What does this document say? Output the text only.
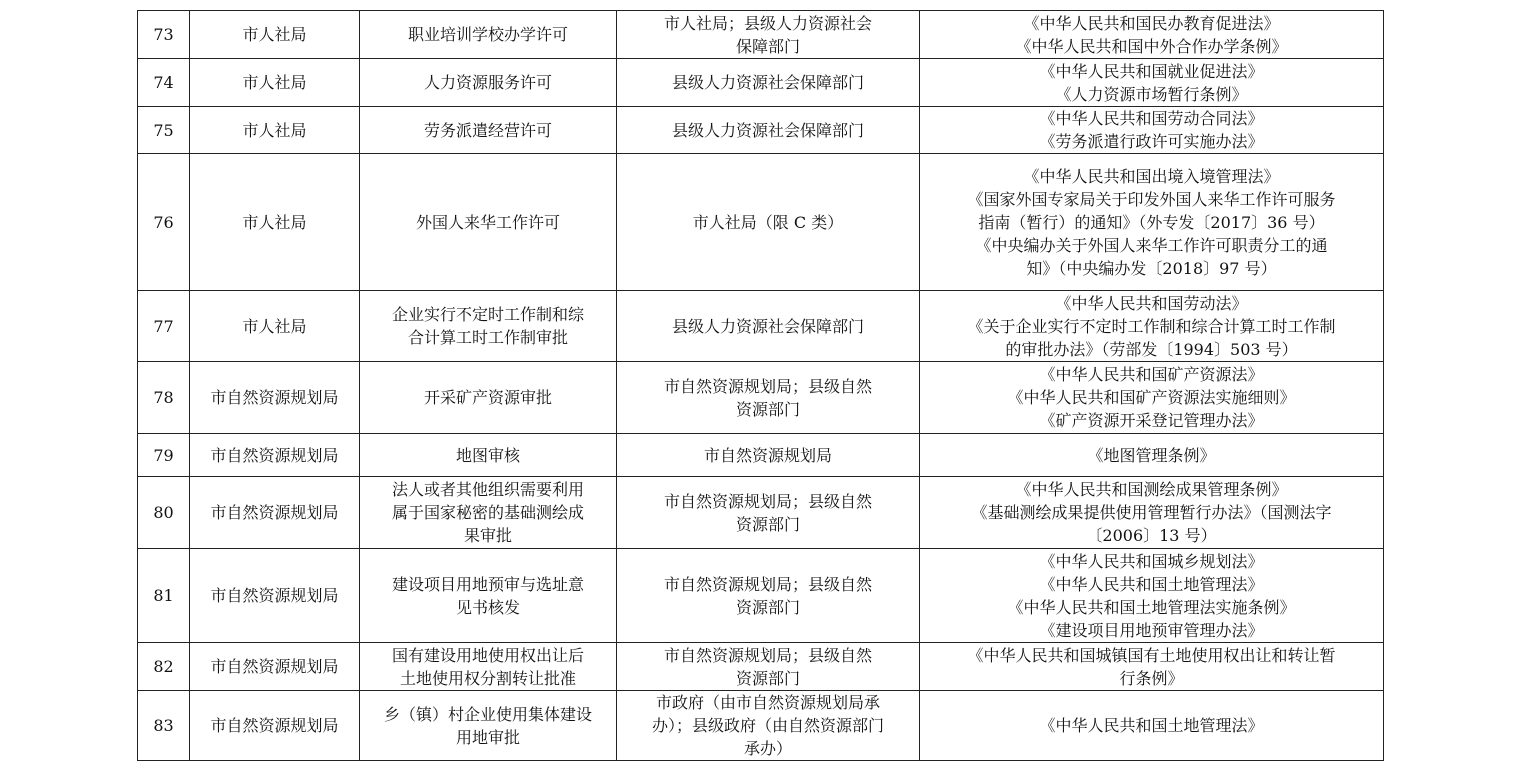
73	市人社局	职业培训学校办学许可	市人社局；县级人力资源社会
保障部门	《中华人民共和国民办教育促进法》
《中华人民共和国中外合作办学条例》

74	市人社局	人力资源服务许可	县级人力资源社会保障部门	《中华人民共和国就业促进法》
《人力资源市场暂行条例》

75	市人社局	劳务派遣经营许可	县级人力资源社会保障部门	《中华人民共和国劳动合同法》
《劳务派遣行政许可实施办法》

76	市人社局	外国人来华工作许可	市人社局（限 C 类）	《中华人民共和国出境入境管理法》
《国家外国专家局关于印发外国人来华工作许可服务
指南（暂行）的通知》（外专发〔2017〕36 号）
《中央编办关于外国人来华工作许可职责分工的通
知》（中央编办发〔2018〕97 号）

77	市人社局	企业实行不定时工作制和综
合计算工时工作制审批	县级人力资源社会保障部门	《中华人民共和国劳动法》
《关于企业实行不定时工作制和综合计算工时工作制
的审批办法》（劳部发〔1994〕503 号）

78	市自然资源规划局	开采矿产资源审批	市自然资源规划局；县级自然
资源部门	《中华人民共和国矿产资源法》
《中华人民共和国矿产资源法实施细则》
《矿产资源开采登记管理办法》

79	市自然资源规划局	地图审核	市自然资源规划局	《地图管理条例》

80	市自然资源规划局	法人或者其他组织需要利用
属于国家秘密的基础测绘成
果审批	市自然资源规划局；县级自然
资源部门	《中华人民共和国测绘成果管理条例》
《基础测绘成果提供使用管理暂行办法》（国测法字
〔2006〕13 号）

81	市自然资源规划局	建设项目用地预审与选址意
见书核发	市自然资源规划局；县级自然
资源部门	《中华人民共和国城乡规划法》
《中华人民共和国土地管理法》
《中华人民共和国土地管理法实施条例》
《建设项目用地预审管理办法》

82	市自然资源规划局	国有建设用地使用权出让后
土地使用权分割转让批准	市自然资源规划局；县级自然
资源部门	《中华人民共和国城镇国有土地使用权出让和转让暂
行条例》

83	市自然资源规划局	乡（镇）村企业使用集体建设
用地审批	市政府（由市自然资源规划局承
办）；县级政府（由自然资源部门
承办）	《中华人民共和国土地管理法》
